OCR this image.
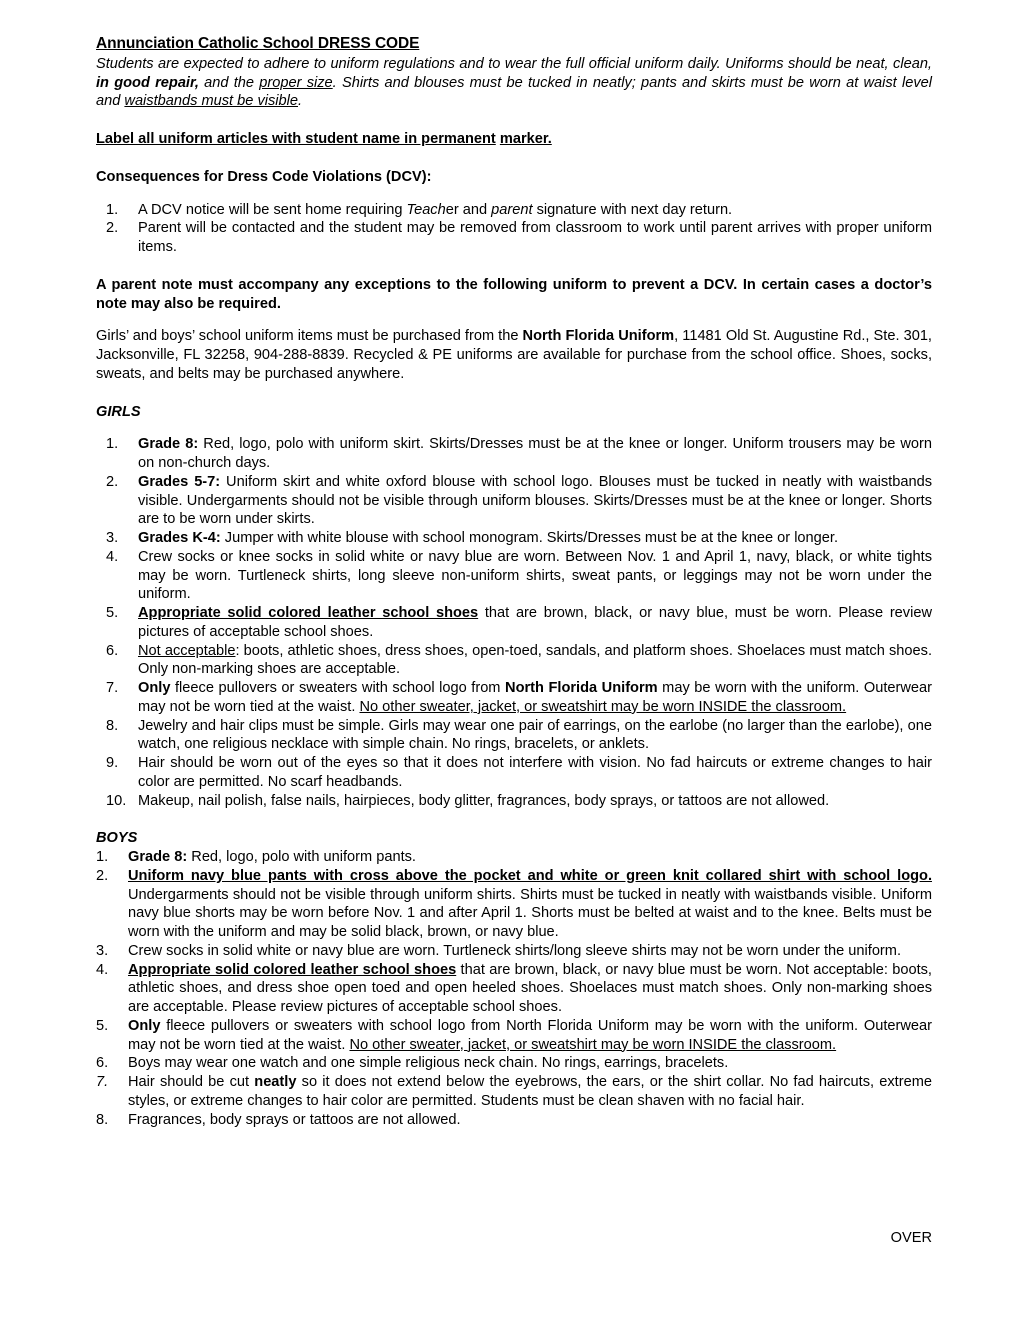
Annunciation Catholic School DRESS CODE

Students are expected to adhere to uniform regulations and to wear the full official uniform daily. Uniforms should be neat, clean, in good repair, and the proper size. Shirts and blouses must be tucked in neatly; pants and skirts must be worn at waist level and waistbands must be visible.

Label all uniform articles with student name in permanent marker.

Consequences for Dress Code Violations (DCV):

1.	A DCV notice will be sent home requiring Teacher and parent signature with next day return.
2.	Parent will be contacted and the student may be removed from classroom to work until parent arrives with proper uniform items.

A parent note must accompany any exceptions to the following uniform to prevent a DCV. In certain cases a doctor’s note may also be required.

Girls’ and boys’ school uniform items must be purchased from the North Florida Uniform, 11481 Old St. Augustine Rd., Ste. 301, Jacksonville, FL 32258, 904-288-8839. Recycled & PE uniforms are available for purchase from the school office. Shoes, socks, sweats, and belts may be purchased anywhere.

GIRLS

1.	Grade 8: Red, logo, polo with uniform skirt. Skirts/Dresses must be at the knee or longer. Uniform trousers may be worn on non-church days.
2.	Grades 5-7: Uniform skirt and white oxford blouse with school logo. Blouses must be tucked in neatly with waistbands visible. Undergarments should not be visible through uniform blouses. Skirts/Dresses must be at the knee or longer. Shorts are to be worn under skirts.
3.	Grades K-4: Jumper with white blouse with school monogram. Skirts/Dresses must be at the knee or longer.
4.	Crew socks or knee socks in solid white or navy blue are worn. Between Nov. 1 and April 1, navy, black, or white tights may be worn. Turtleneck shirts, long sleeve non-uniform shirts, sweat pants, or leggings may not be worn under the uniform.
5.	Appropriate solid colored leather school shoes that are brown, black, or navy blue, must be worn. Please review pictures of acceptable school shoes.
6.	Not acceptable: boots, athletic shoes, dress shoes, open-toed, sandals, and platform shoes. Shoelaces must match shoes. Only non-marking shoes are acceptable.
7.	Only fleece pullovers or sweaters with school logo from North Florida Uniform may be worn with the uniform. Outerwear may not be worn tied at the waist. No other sweater, jacket, or sweatshirt may be worn INSIDE the classroom.
8.	Jewelry and hair clips must be simple. Girls may wear one pair of earrings, on the earlobe (no larger than the earlobe), one watch, one religious necklace with simple chain. No rings, bracelets, or anklets.
9.	Hair should be worn out of the eyes so that it does not interfere with vision. No fad haircuts or extreme changes to hair color are permitted. No scarf headbands.
10. Makeup, nail polish, false nails, hairpieces, body glitter, fragrances, body sprays, or tattoos are not allowed.

BOYS

1.	Grade 8: Red, logo, polo with uniform pants.
2.	Uniform navy blue pants with cross above the pocket and white or green knit collared shirt with school logo. Undergarments should not be visible through uniform shirts. Shirts must be tucked in neatly with waistbands visible. Uniform navy blue shorts may be worn before Nov. 1 and after April 1. Shorts must be belted at waist and to the knee. Belts must be worn with the uniform and may be solid black, brown, or navy blue.
3.	Crew socks in solid white or navy blue are worn. Turtleneck shirts/long sleeve shirts may not be worn under the uniform.
4.	Appropriate solid colored leather school shoes that are brown, black, or navy blue must be worn. Not acceptable: boots, athletic shoes, and dress shoe open toed and open heeled shoes. Shoelaces must match shoes. Only non-marking shoes are acceptable. Please review pictures of acceptable school shoes.
5.	Only fleece pullovers or sweaters with school logo from North Florida Uniform may be worn with the uniform. Outerwear may not be worn tied at the waist. No other sweater, jacket, or sweatshirt may be worn INSIDE the classroom.
6.	Boys may wear one watch and one simple religious neck chain. No rings, earrings, bracelets.
7.	Hair should be cut neatly so it does not extend below the eyebrows, the ears, or the shirt collar. No fad haircuts, extreme styles, or extreme changes to hair color are permitted. Students must be clean shaven with no facial hair.
8.	Fragrances, body sprays or tattoos are not allowed.
OVER
